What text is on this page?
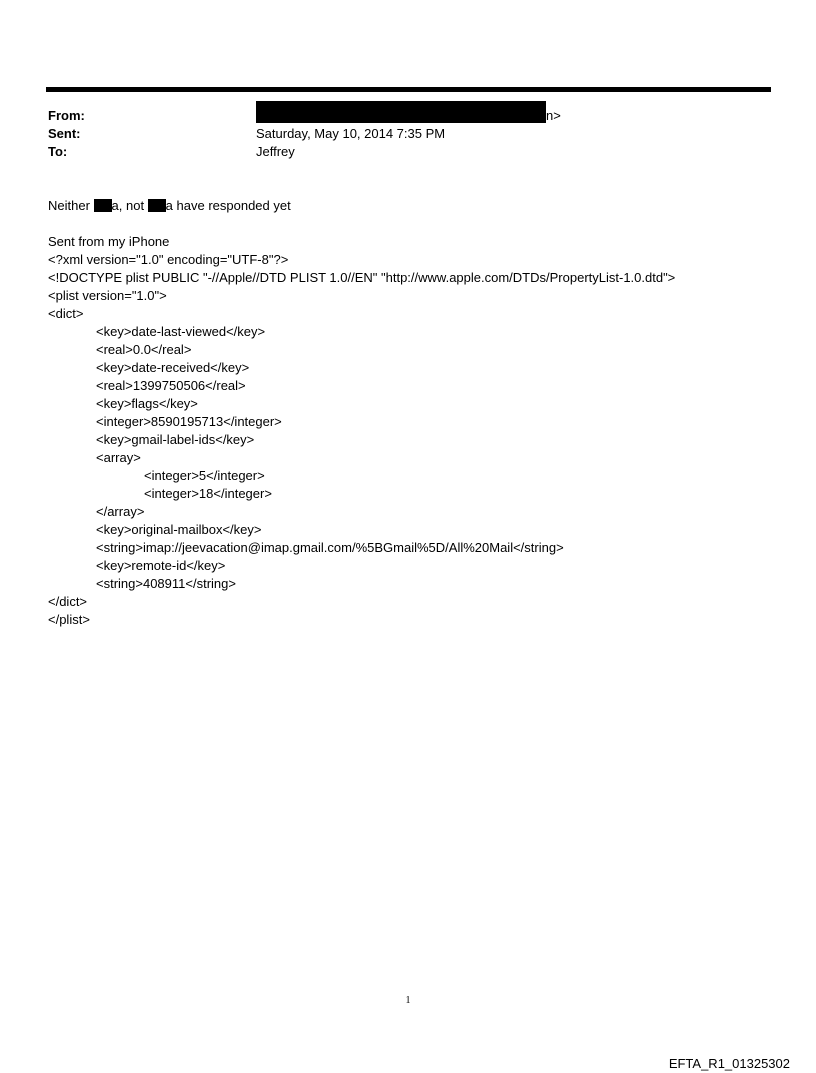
From:	n>
Sent:	Saturday, May 10, 2014 7:35 PM
To:	Jeffrey
Neither a, not a have responded yet
Sent from my iPhone
<?xml version="1.0" encoding="UTF-8"?>
<!DOCTYPE plist PUBLIC "-//Apple//DTD PLIST 1.0//EN" "http://www.apple.com/DTDs/PropertyList-1.0.dtd">
<plist version="1.0">
<dict>
<key>date-last-viewed</key>
<real>0.0</real>
<key>date-received</key>
<real>1399750506</real>
<key>flags</key>
<integer>8590195713</integer>
<key>gmail-label-ids</key>
<array>
<integer>5</integer>
<integer>18</integer>
</array>
<key>original-mailbox</key>
<string>imap://jeevacation@imap.gmail.com/%5BGmail%5D/All%20Mail</string>
<key>remote-id</key>
<string>408911</string>
</dict>
</plist>
1
EFTA_R1_01325302
